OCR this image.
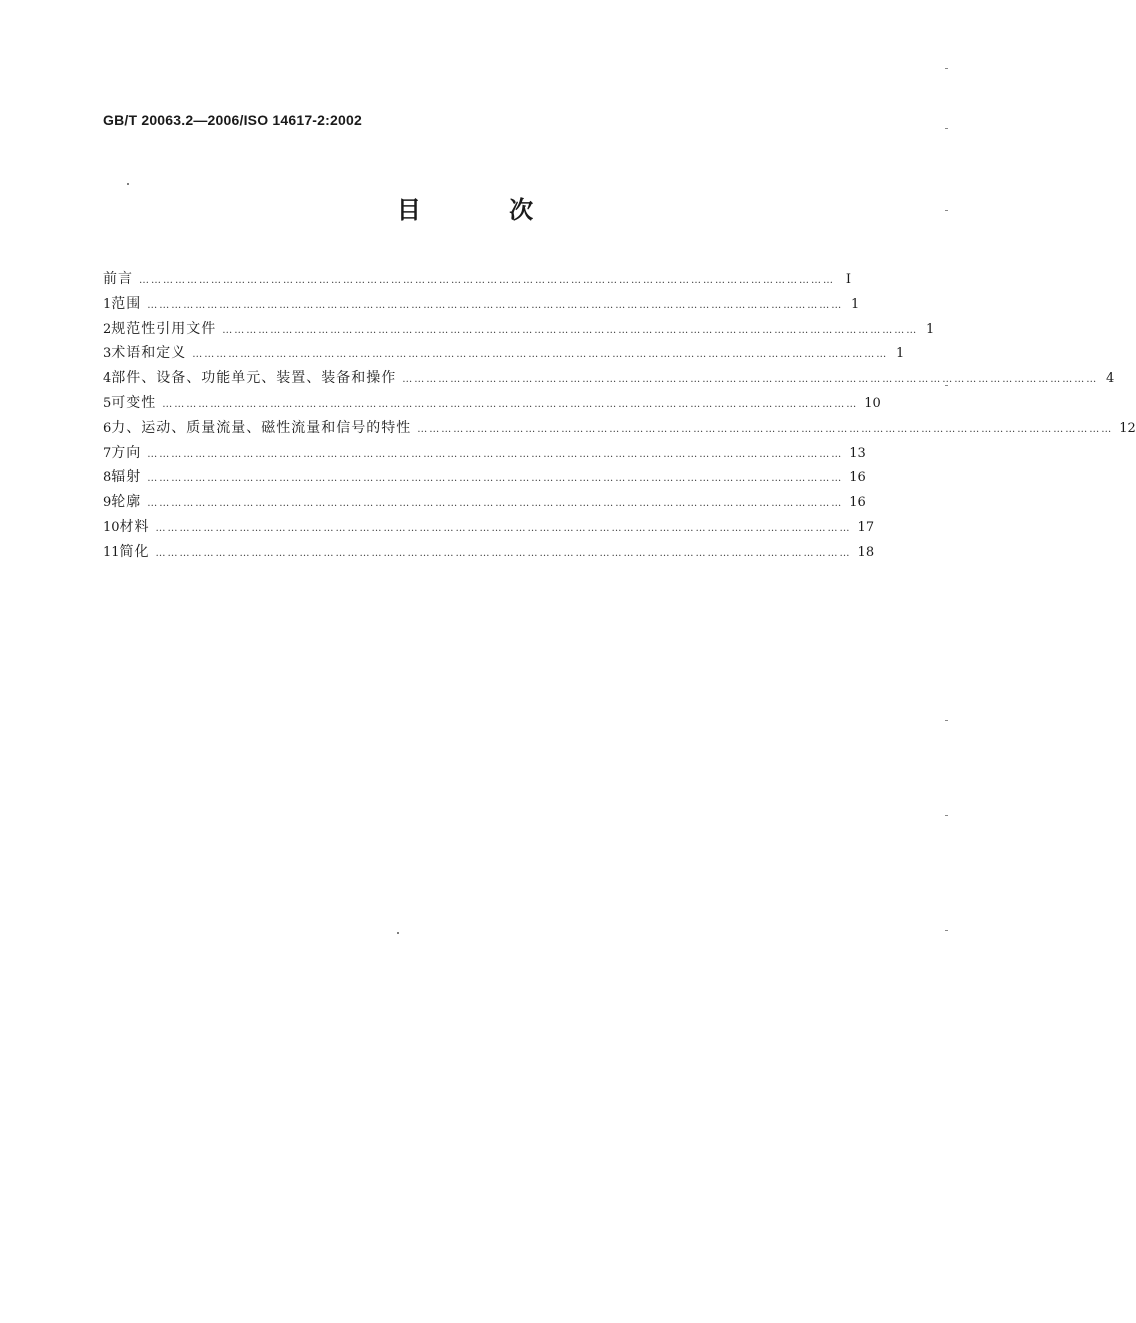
GB/T 20063.2—2006/ISO 14617-2:2002
目 次
前言 ………………………………………………………………………………………………………………………………………………………… I
1 范围 ………………………………………………………………………………………………………………………………………………………… 1
2 规范性引用文件 ………………………………………………………………………………………………………………………………………………………… 1
3 术语和定义 ………………………………………………………………………………………………………………………………………………………… 1
4 部件、设备、功能单元、装置、装备和操作 ………………………………………………………………………………………………………………………………………………………… 4
5 可变性 ………………………………………………………………………………………………………………………………………………………… 10
6 力、运动、质量流量、磁性流量和信号的特性 ………………………………………………………………………………………………………………………………………………………… 12
7 方向 ………………………………………………………………………………………………………………………………………………………… 13
8 辐射 ………………………………………………………………………………………………………………………………………………………… 16
9 轮廓 ………………………………………………………………………………………………………………………………………………………… 16
10 材料 ………………………………………………………………………………………………………………………………………………………… 17
11 简化 ………………………………………………………………………………………………………………………………………………………… 18
